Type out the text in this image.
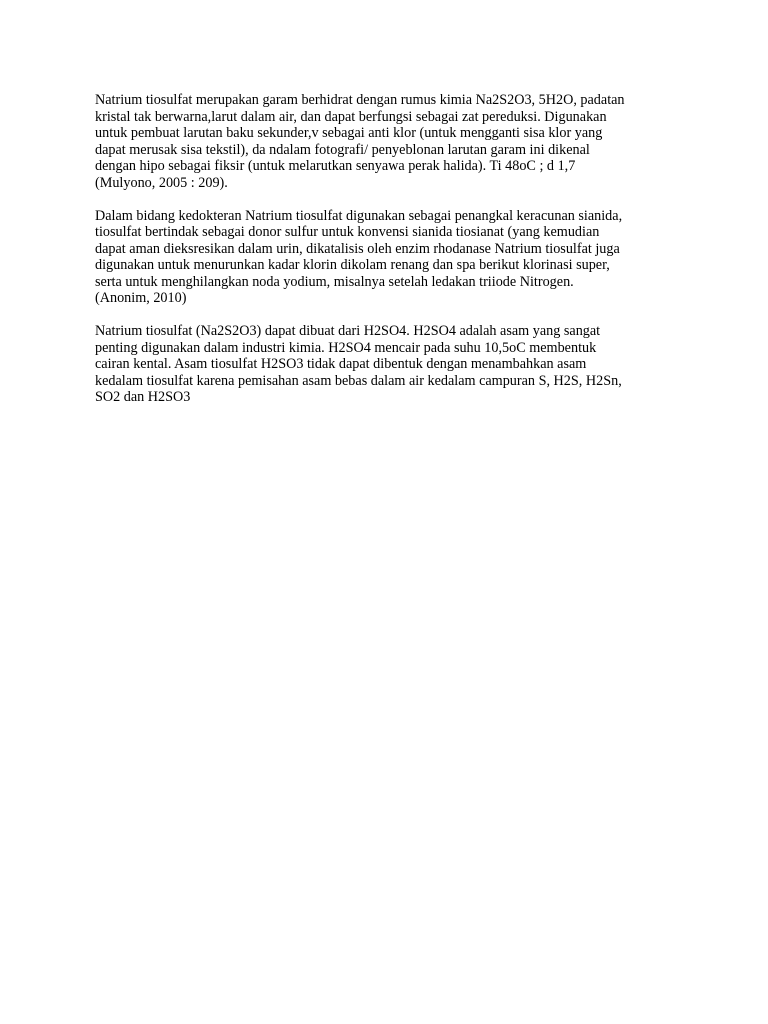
Natrium tiosulfat merupakan garam berhidrat dengan rumus kimia Na2S2O3, 5H2O, padatan
kristal tak berwarna,larut dalam air, dan dapat berfungsi sebagai zat pereduksi. Digunakan
untuk pembuat larutan baku sekunder,v sebagai anti klor (untuk mengganti sisa klor yang
dapat merusak sisa tekstil), da ndalam fotografi/ penyeblonan larutan garam ini dikenal
dengan hipo sebagai fiksir (untuk melarutkan senyawa perak halida). Ti 48oC ; d 1,7
(Mulyono, 2005 : 209).

Dalam bidang kedokteran Natrium tiosulfat digunakan sebagai penangkal keracunan sianida,
tiosulfat bertindak sebagai donor sulfur untuk konvensi sianida tiosianat (yang kemudian
dapat aman dieksresikan dalam urin, dikatalisis oleh enzim rhodanase Natrium tiosulfat juga
digunakan untuk menurunkan kadar klorin dikolam renang dan spa berikut klorinasi super,
serta untuk menghilangkan noda yodium, misalnya setelah ledakan triiode Nitrogen.
(Anonim, 2010)

Natrium tiosulfat (Na2S2O3) dapat dibuat dari H2SO4. H2SO4 adalah asam yang sangat
penting digunakan dalam industri kimia. H2SO4 mencair pada suhu 10,5oC membentuk
cairan kental. Asam tiosulfat H2SO3 tidak dapat dibentuk dengan menambahkan asam
kedalam tiosulfat karena pemisahan asam bebas dalam air kedalam campuran S, H2S, H2Sn,
SO2 dan H2SO3
